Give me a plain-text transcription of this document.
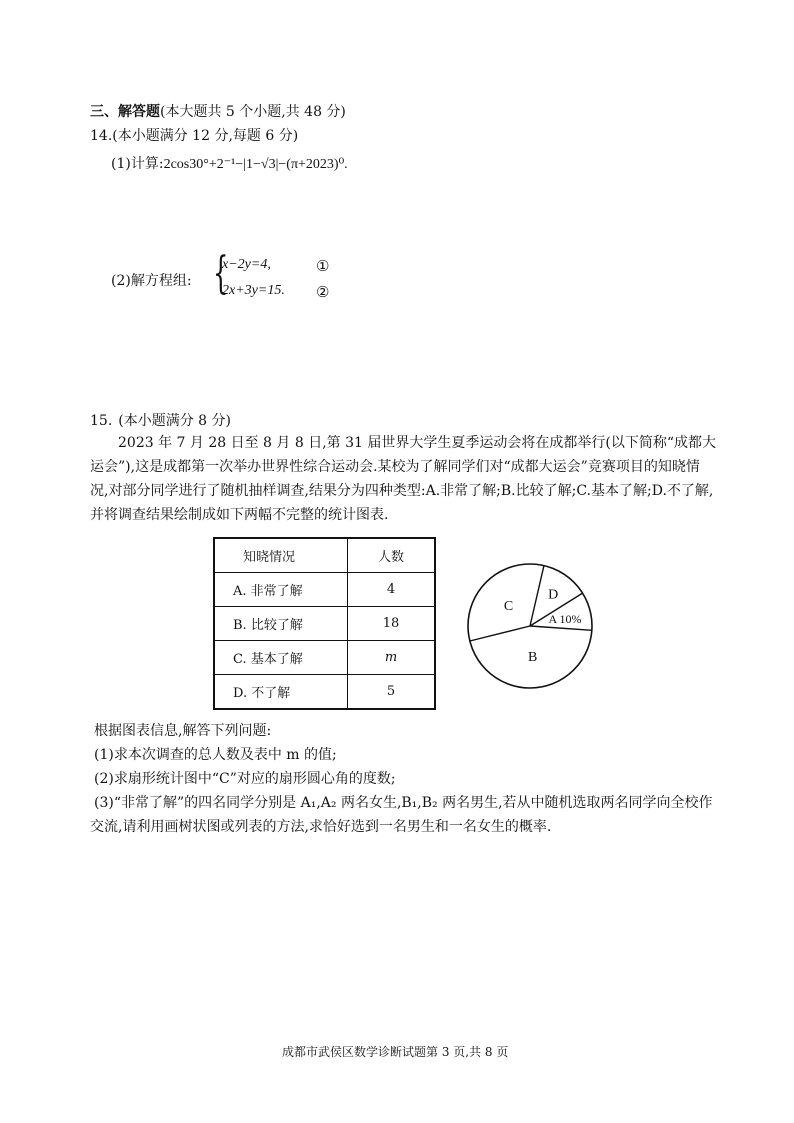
三、解答题(本大题共 5 个小题,共 48 分)
14.(本小题满分 12 分,每题 6 分)
(1)计算:2cos30°+2⁻¹−|1−√3|−(π+2023)⁰.
(2)解方程组: {
x−2y=4,	①
2x+3y=15. ②
15. (本小题满分 8 分)
2023 年 7 月 28 日至 8 月 8 日,第 31 届世界大学生夏季运动会将在成都举行(以下简称“成都大运会”),这是成都第一次举办世界性综合运动会.某校为了解同学们对“成都大运会”竞赛项目的知晓情况,对部分同学进行了随机抽样调查,结果分为四种类型:A.非常了解;B.比较了解;C.基本了解;D.不了解,并将调查结果绘制成如下两幅不完整的统计图表.
知晓情况	人数
A. 非常了解	4
B. 比较了解	18
C. 基本了解	m
D. 不了解	5
A 10%
D
C
B
根据图表信息,解答下列问题:
(1)求本次调查的总人数及表中 m 的值;
(2)求扇形统计图中“C”对应的扇形圆心角的度数;
(3)“非常了解”的四名同学分别是 A₁,A₂ 两名女生,B₁,B₂ 两名男生,若从中随机选取两名同学向全校作交流,请利用画树状图或列表的方法,求恰好选到一名男生和一名女生的概率.
成都市武侯区数学诊断试题第 3 页,共 8 页
